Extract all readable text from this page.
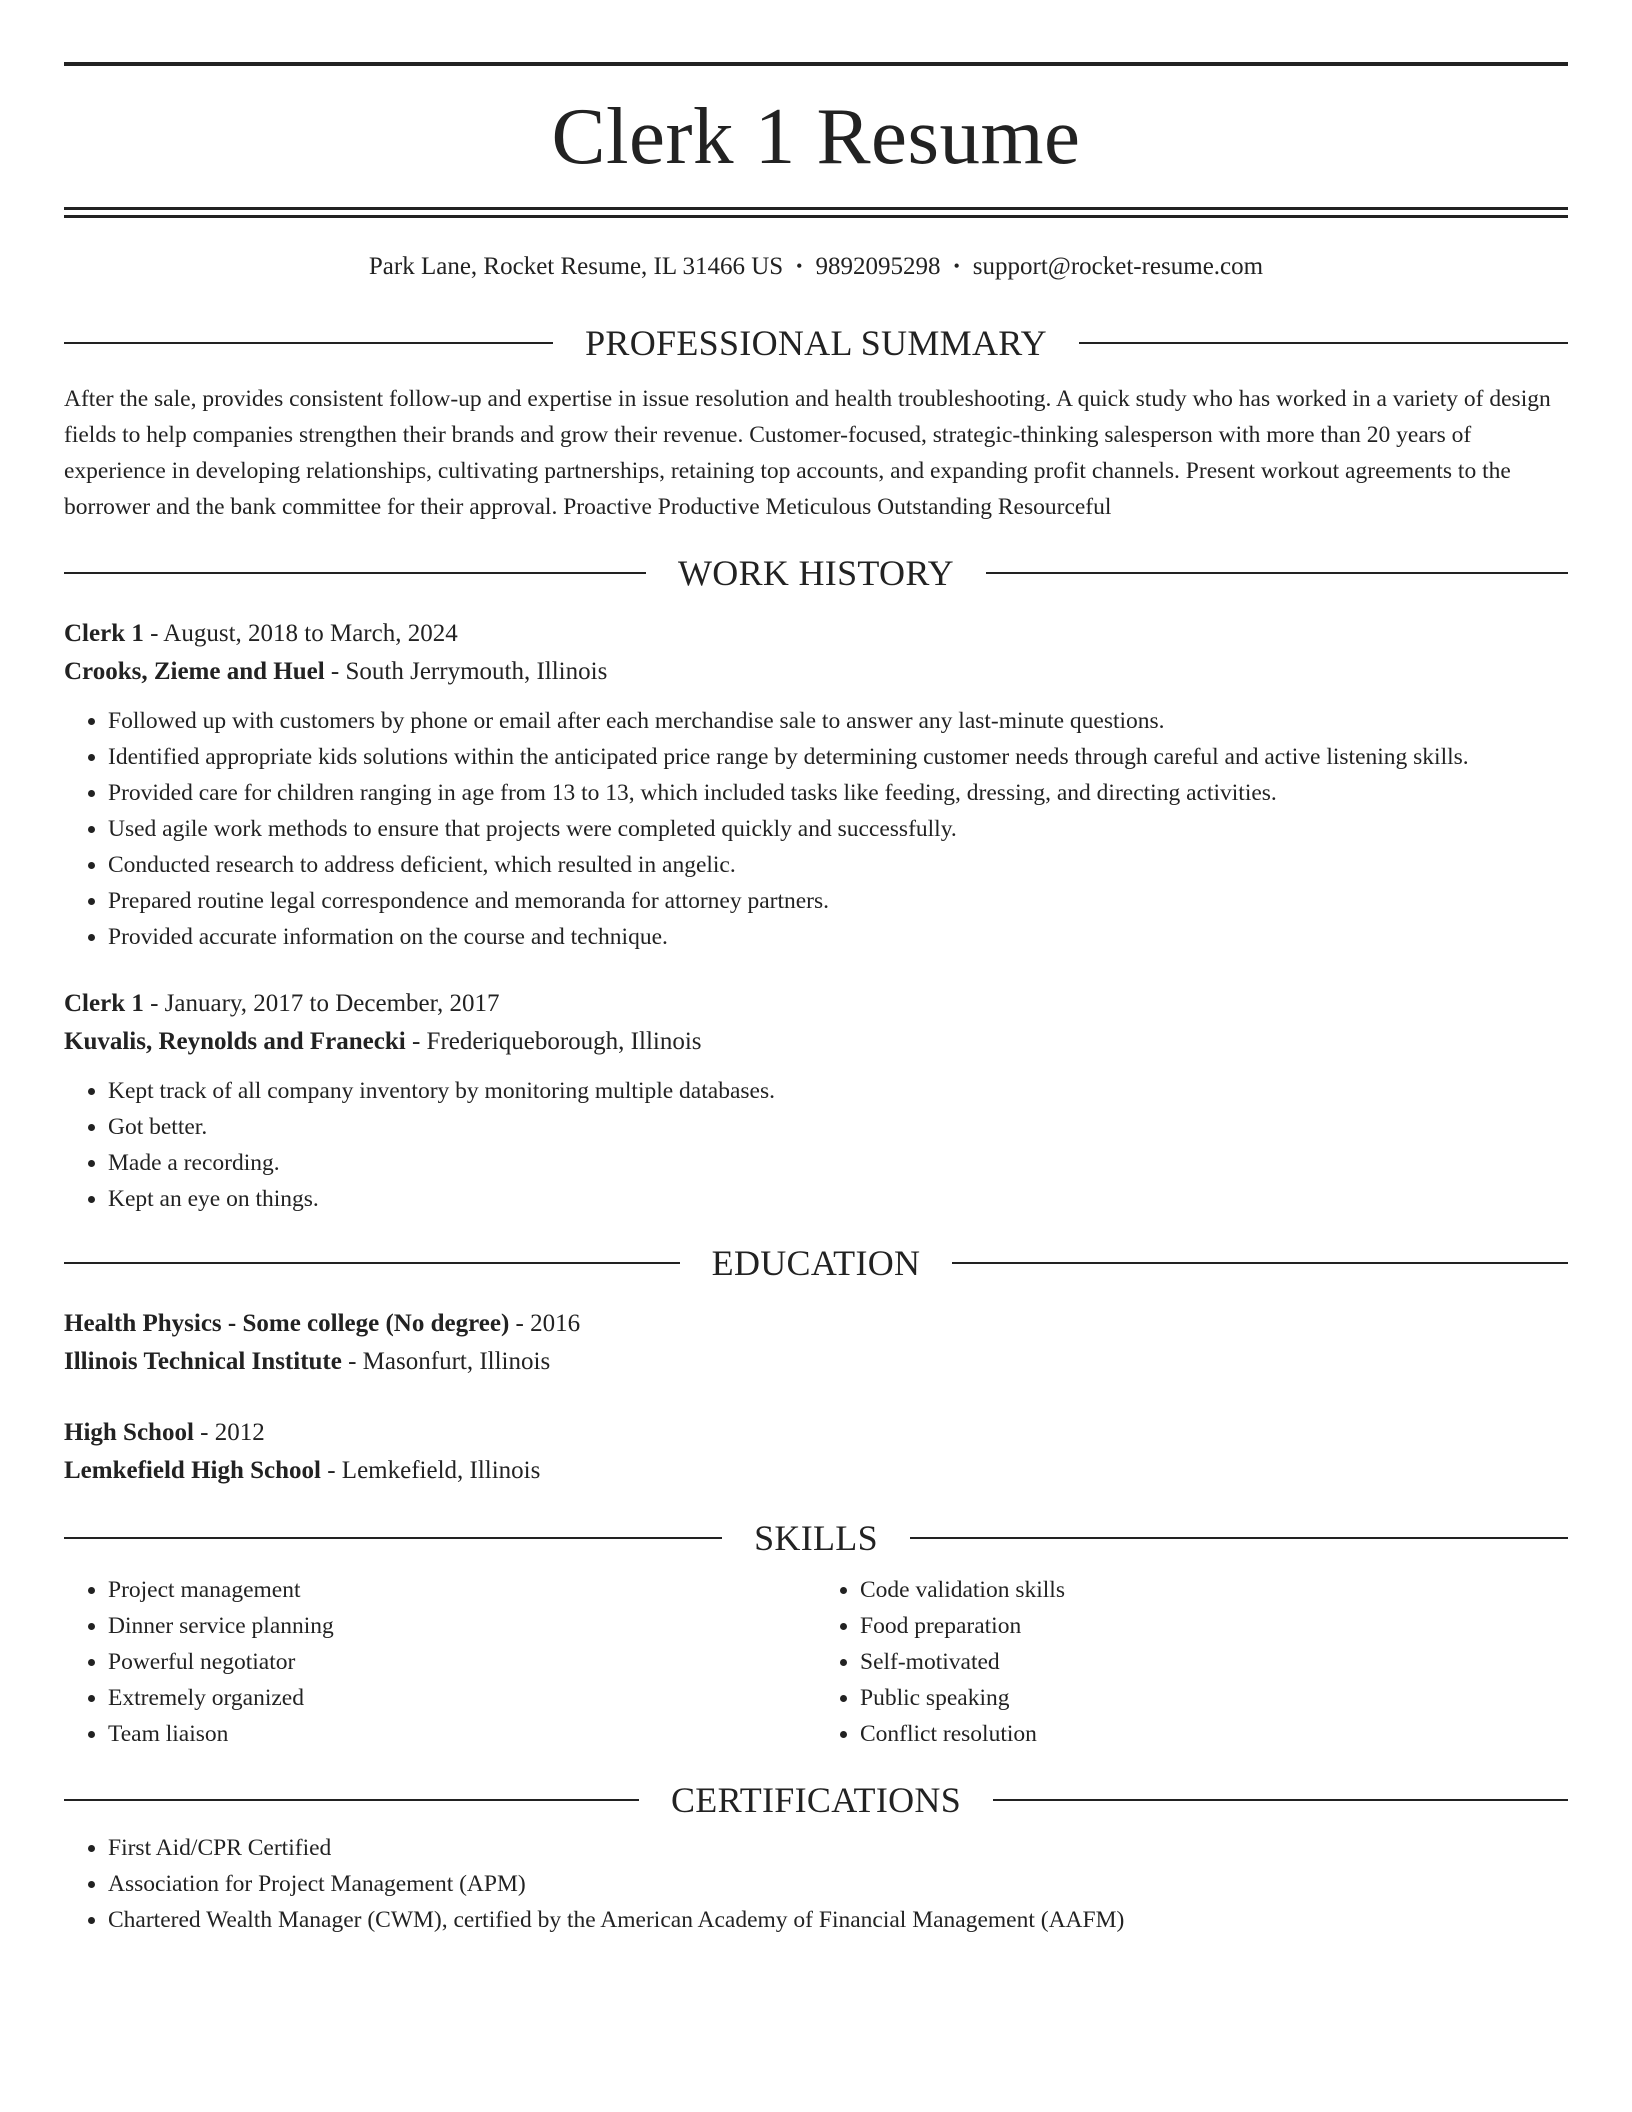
Clerk 1 Resume
Park Lane, Rocket Resume, IL 31466 US • 9892095298 • support@rocket-resume.com
PROFESSIONAL SUMMARY
After the sale, provides consistent follow-up and expertise in issue resolution and health troubleshooting. A quick study who has worked in a variety of design fields to help companies strengthen their brands and grow their revenue. Customer-focused, strategic-thinking salesperson with more than 20 years of experience in developing relationships, cultivating partnerships, retaining top accounts, and expanding profit channels. Present workout agreements to the borrower and the bank committee for their approval. Proactive Productive Meticulous Outstanding Resourceful
WORK HISTORY
Clerk 1 - August, 2018 to March, 2024
Crooks, Zieme and Huel - South Jerrymouth, Illinois
• Followed up with customers by phone or email after each merchandise sale to answer any last-minute questions.
• Identified appropriate kids solutions within the anticipated price range by determining customer needs through careful and active listening skills.
• Provided care for children ranging in age from 13 to 13, which included tasks like feeding, dressing, and directing activities.
• Used agile work methods to ensure that projects were completed quickly and successfully.
• Conducted research to address deficient, which resulted in angelic.
• Prepared routine legal correspondence and memoranda for attorney partners.
• Provided accurate information on the course and technique.
Clerk 1 - January, 2017 to December, 2017
Kuvalis, Reynolds and Franecki - Frederiqueborough, Illinois
• Kept track of all company inventory by monitoring multiple databases.
• Got better.
• Made a recording.
• Kept an eye on things.
EDUCATION
Health Physics - Some college (No degree) - 2016
Illinois Technical Institute - Masonfurt, Illinois
High School - 2012
Lemkefield High School - Lemkefield, Illinois
SKILLS
• Project management
• Dinner service planning
• Powerful negotiator
• Extremely organized
• Team liaison
• Code validation skills
• Food preparation
• Self-motivated
• Public speaking
• Conflict resolution
CERTIFICATIONS
• First Aid/CPR Certified
• Association for Project Management (APM)
• Chartered Wealth Manager (CWM), certified by the American Academy of Financial Management (AAFM)
